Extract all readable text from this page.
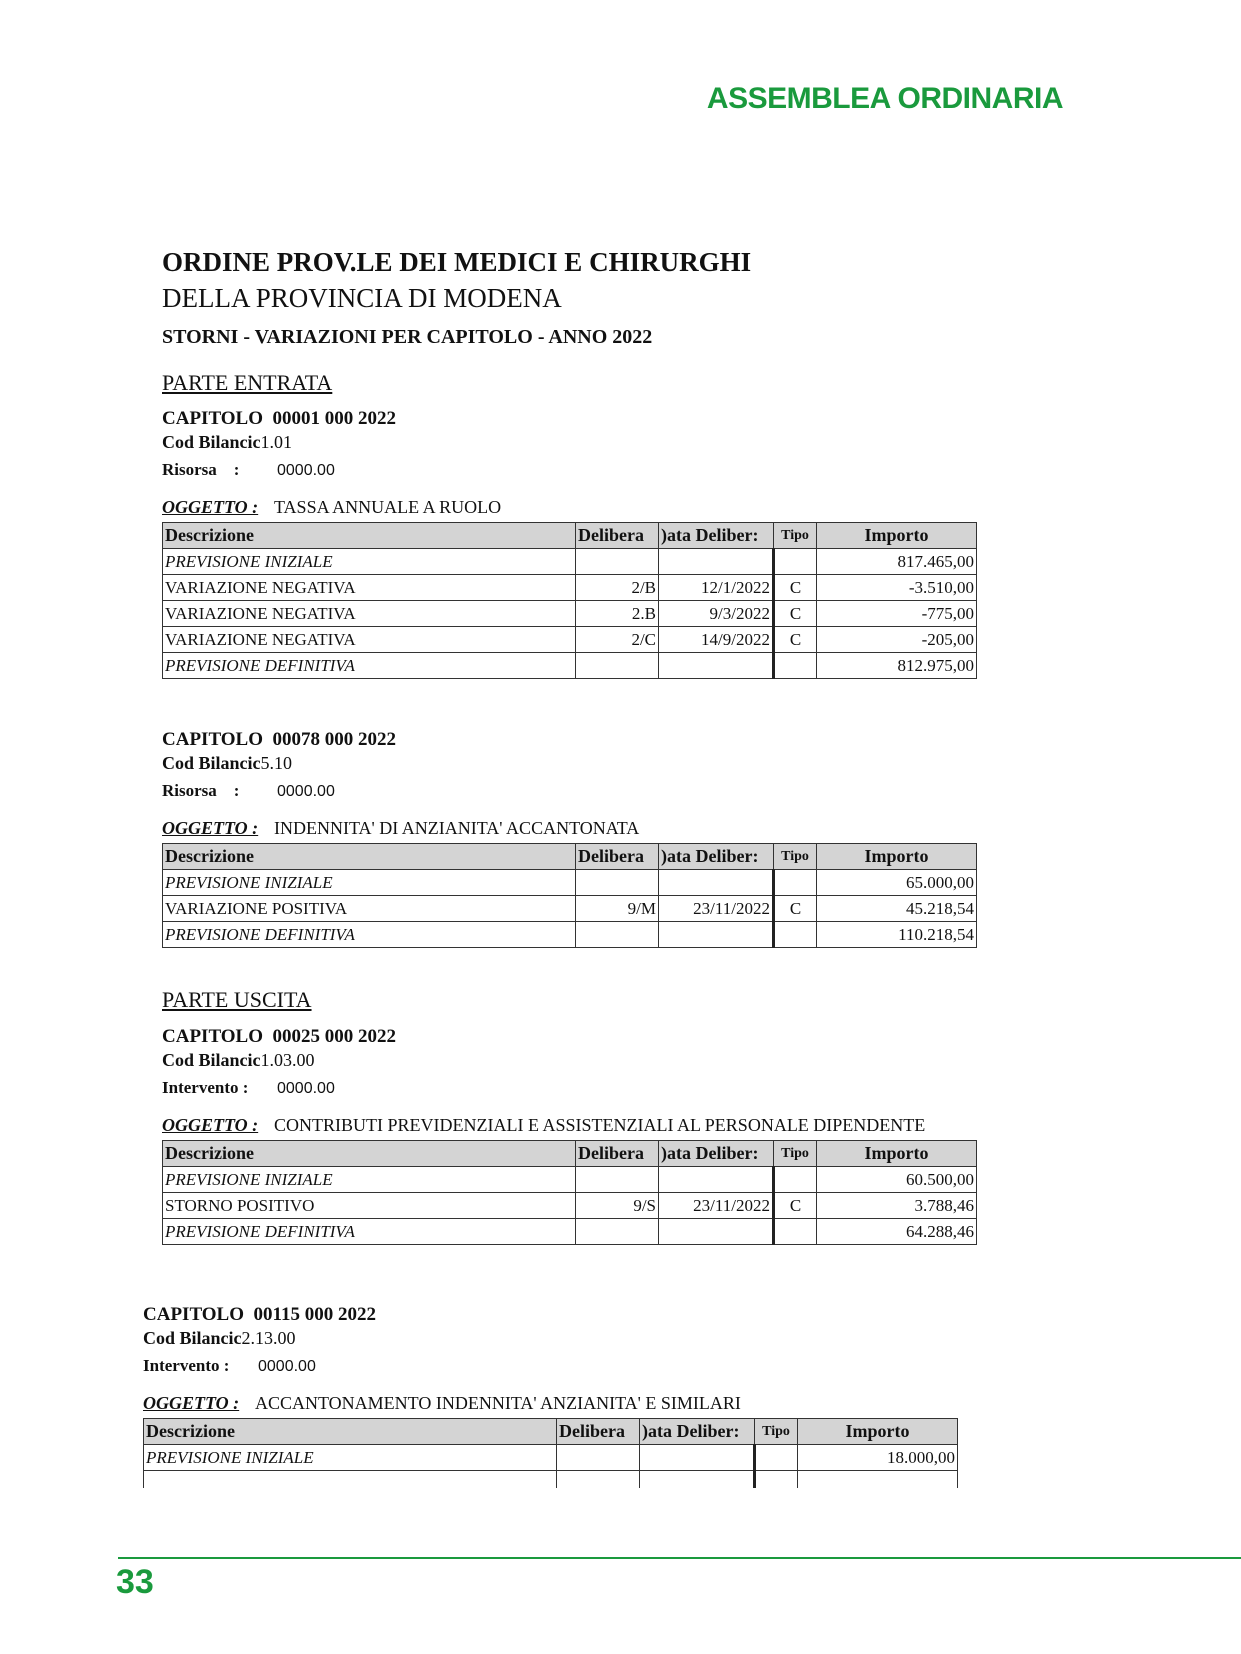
ASSEMBLEA ORDINARIA

ORDINE PROV.LE DEI MEDICI E CHIRURGHI

DELLA PROVINCIA DI MODENA

STORNI - VARIAZIONI PER CAPITOLO - ANNO 2022

PARTE ENTRATA

CAPITOLO 00001 000 2022
Cod Bilancic1.01
Risorsa : 0000.00
OGGETTO : TASSA ANNUALE A RUOLO
Descrizione	Delibera	)ata Deliber:	Tipo	Importo
PREVISIONE INIZIALE				817.465,00
VARIAZIONE NEGATIVA	2/B	12/1/2022	C	-3.510,00
VARIAZIONE NEGATIVA	2.B	9/3/2022	C	-775,00
VARIAZIONE NEGATIVA	2/C	14/9/2022	C	-205,00
PREVISIONE DEFINITIVA				812.975,00
CAPITOLO 00078 000 2022
Cod Bilancic5.10
Risorsa : 0000.00
OGGETTO : INDENNITA' DI ANZIANITA' ACCANTONATA
Descrizione	Delibera	)ata Deliber:	Tipo	Importo
PREVISIONE INIZIALE				65.000,00
VARIAZIONE POSITIVA	9/M	23/11/2022	C	45.218,54
PREVISIONE DEFINITIVA				110.218,54

PARTE USCITA

CAPITOLO 00025 000 2022
Cod Bilancic1.03.00
Intervento : 0000.00
OGGETTO : CONTRIBUTI PREVIDENZIALI E ASSISTENZIALI AL PERSONALE DIPENDENTE
Descrizione	Delibera	)ata Deliber:	Tipo	Importo
PREVISIONE INIZIALE				60.500,00
STORNO POSITIVO	9/S	23/11/2022	C	3.788,46
PREVISIONE DEFINITIVA				64.288,46
CAPITOLO 00115 000 2022
Cod Bilancic2.13.00
Intervento : 0000.00
OGGETTO : ACCANTONAMENTO INDENNITA' ANZIANITA' E SIMILARI
Descrizione	Delibera	)ata Deliber:	Tipo	Importo
PREVISIONE INIZIALE				18.000,00

33
